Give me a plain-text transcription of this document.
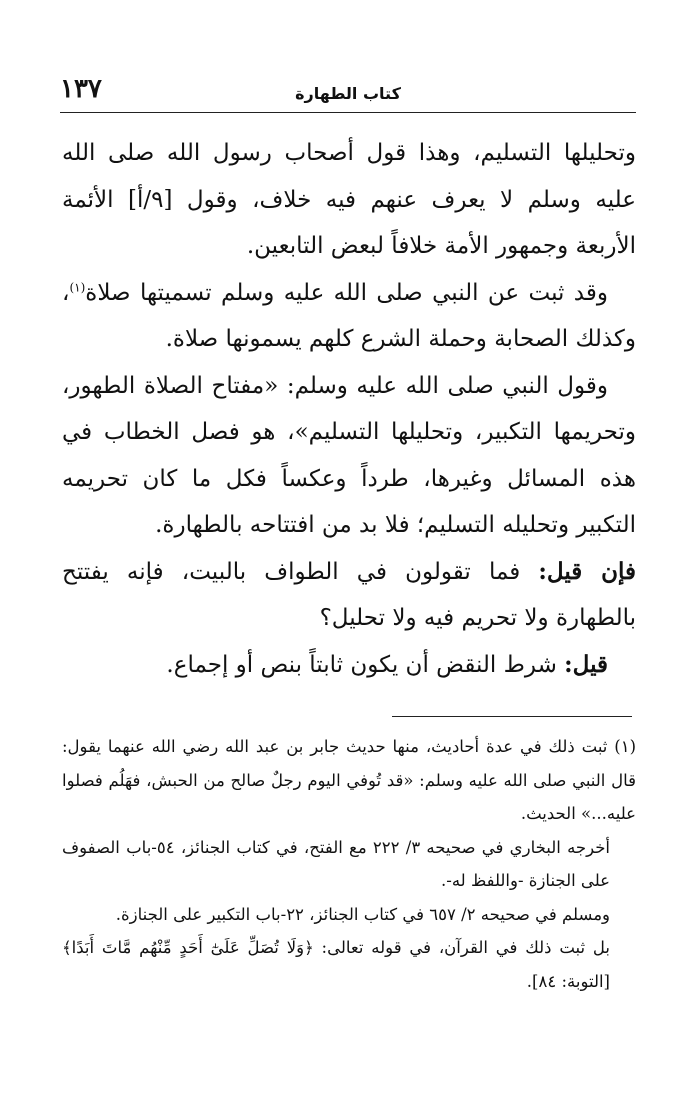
١٣٧	كتاب الطهارة

وتحليلها التسليم، وهذا قول أصحاب رسول الله صلى الله عليه وسلم لا يعرف عنهم فيه خلاف، وقول [٩/أ] الأئمة الأربعة وجمهور الأمة خلافاً لبعض التابعين.

وقد ثبت عن النبي صلى الله عليه وسلم تسميتها صلاة$^{(١)}$، وكذلك الصحابة وحملة الشرع كلهم يسمونها صلاة.

وقول النبي صلى الله عليه وسلم: «مفتاح الصلاة الطهور، وتحريمها التكبير، وتحليلها التسليم»، هو فصل الخطاب في هذه المسائل وغيرها، طرداً وعكساً فكل ما كان تحريمه التكبير وتحليله التسليم؛ فلا بد من افتتاحه بالطهارة.

فإن قيل: فما تقولون في الطواف بالبيت، فإنه يفتتح بالطهارة ولا تحريم فيه ولا تحليل؟

قيل: شرط النقض أن يكون ثابتاً بنص أو إجماع.

(١) ثبت ذلك في عدة أحاديث، منها حديث جابر بن عبد الله رضي الله عنهما يقول: قال النبي صلى الله عليه وسلم: «قد تُوفي اليوم رجلٌ صالح من الحبش، فهَلُم فصلوا عليه...» الحديث.

أخرجه البخاري في صحيحه ٣/ ٢٢٢ مع الفتح، في كتاب الجنائز، ٥٤-باب الصفوف على الجنازة -واللفظ له-.

ومسلم في صحيحه ٢/ ٦٥٧ في كتاب الجنائز، ٢٢-باب التكبير على الجنازة.

بل ثبت ذلك في القرآن، في قوله تعالى: ﴿وَلَا تُصَلِّ عَلَىٰٓ أَحَدٍ مِّنْهُم مَّاتَ أَبَدًا﴾ [التوبة: ٨٤].
